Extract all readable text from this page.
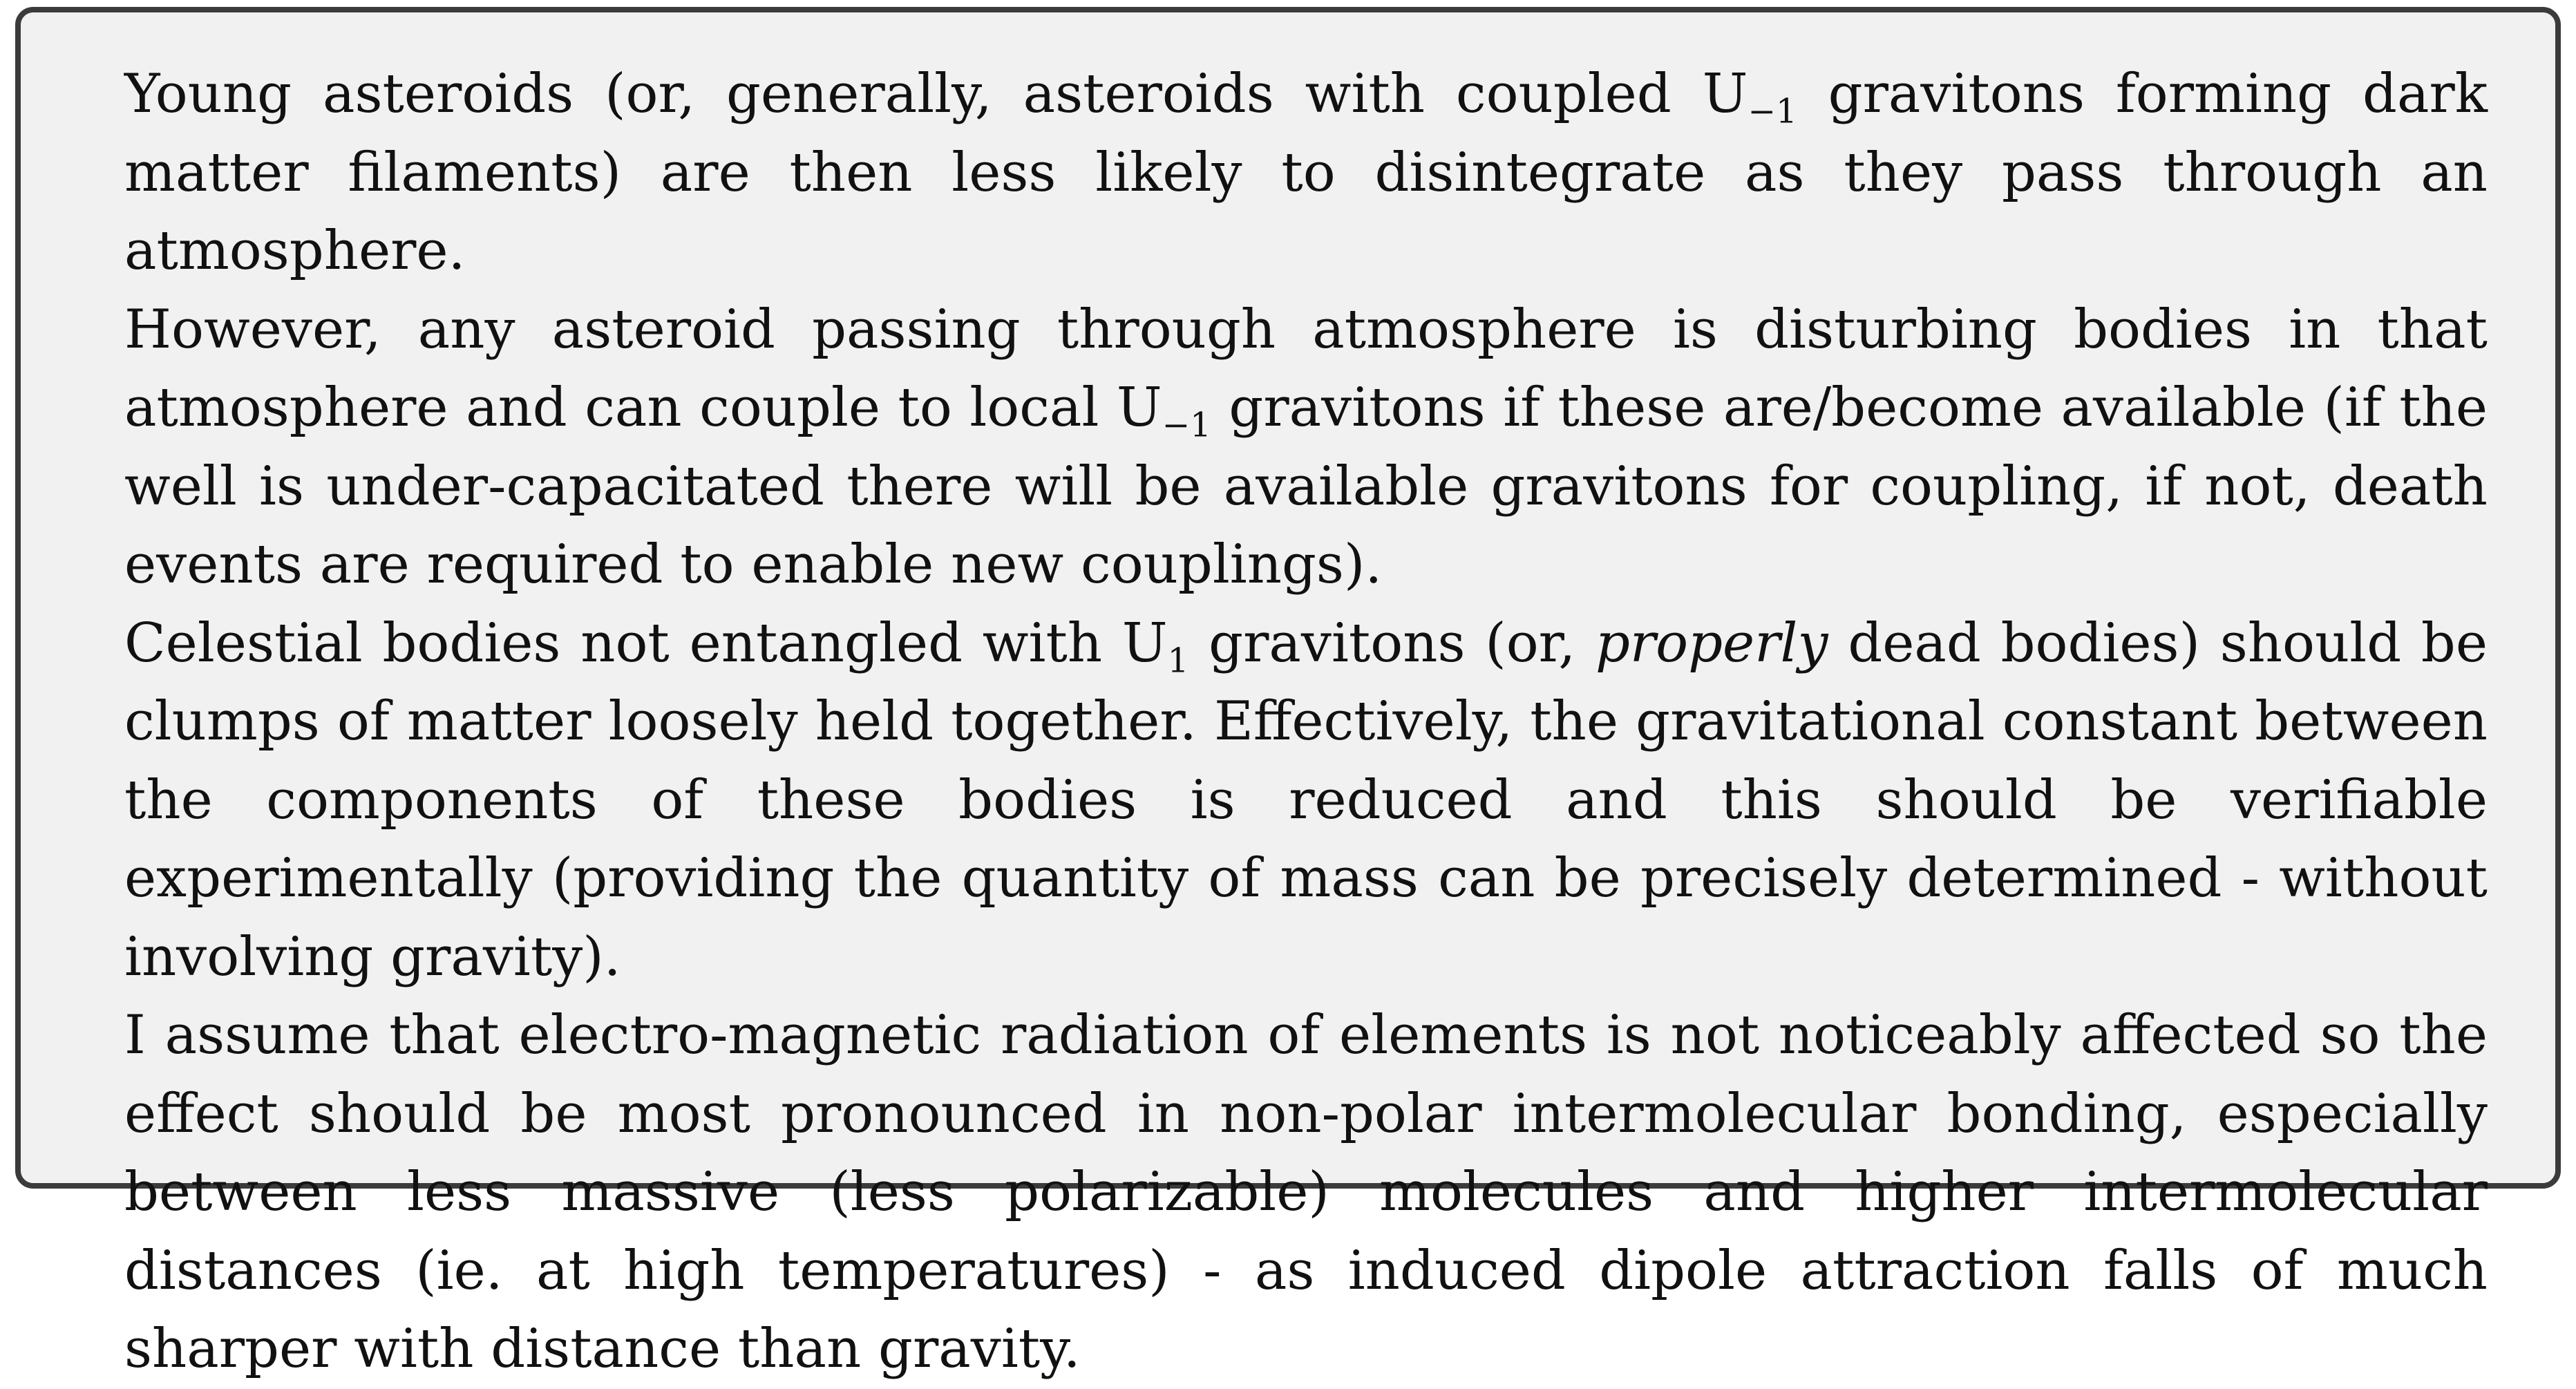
Young asteroids (or, generally, asteroids with coupled $U_{-1}$ gravitons forming dark matter filaments) are then less likely to disintegrate as they pass through an atmosphere.

However, any asteroid passing through atmosphere is disturbing bodies in that atmosphere and can couple to local $U_{-1}$ gravitons if these are/become available (if the well is under-capacitated there will be available gravitons for coupling, if not, death events are required to enable new couplings).

Celestial bodies not entangled with $U_1$ gravitons (or, properly dead bodies) should be clumps of matter loosely held together. Effectively, the gravitational constant between the components of these bodies is reduced and this should be verifiable experimentally (providing the quantity of mass can be precisely determined - without involving gravity).

I assume that electro-magnetic radiation of elements is not noticeably affected so the effect should be most pronounced in non-polar intermolecular bonding, especially between less massive (less polarizable) molecules and higher intermolecular distances (ie. at high temperatures) - as induced dipole attraction falls of much sharper with distance than gravity.
